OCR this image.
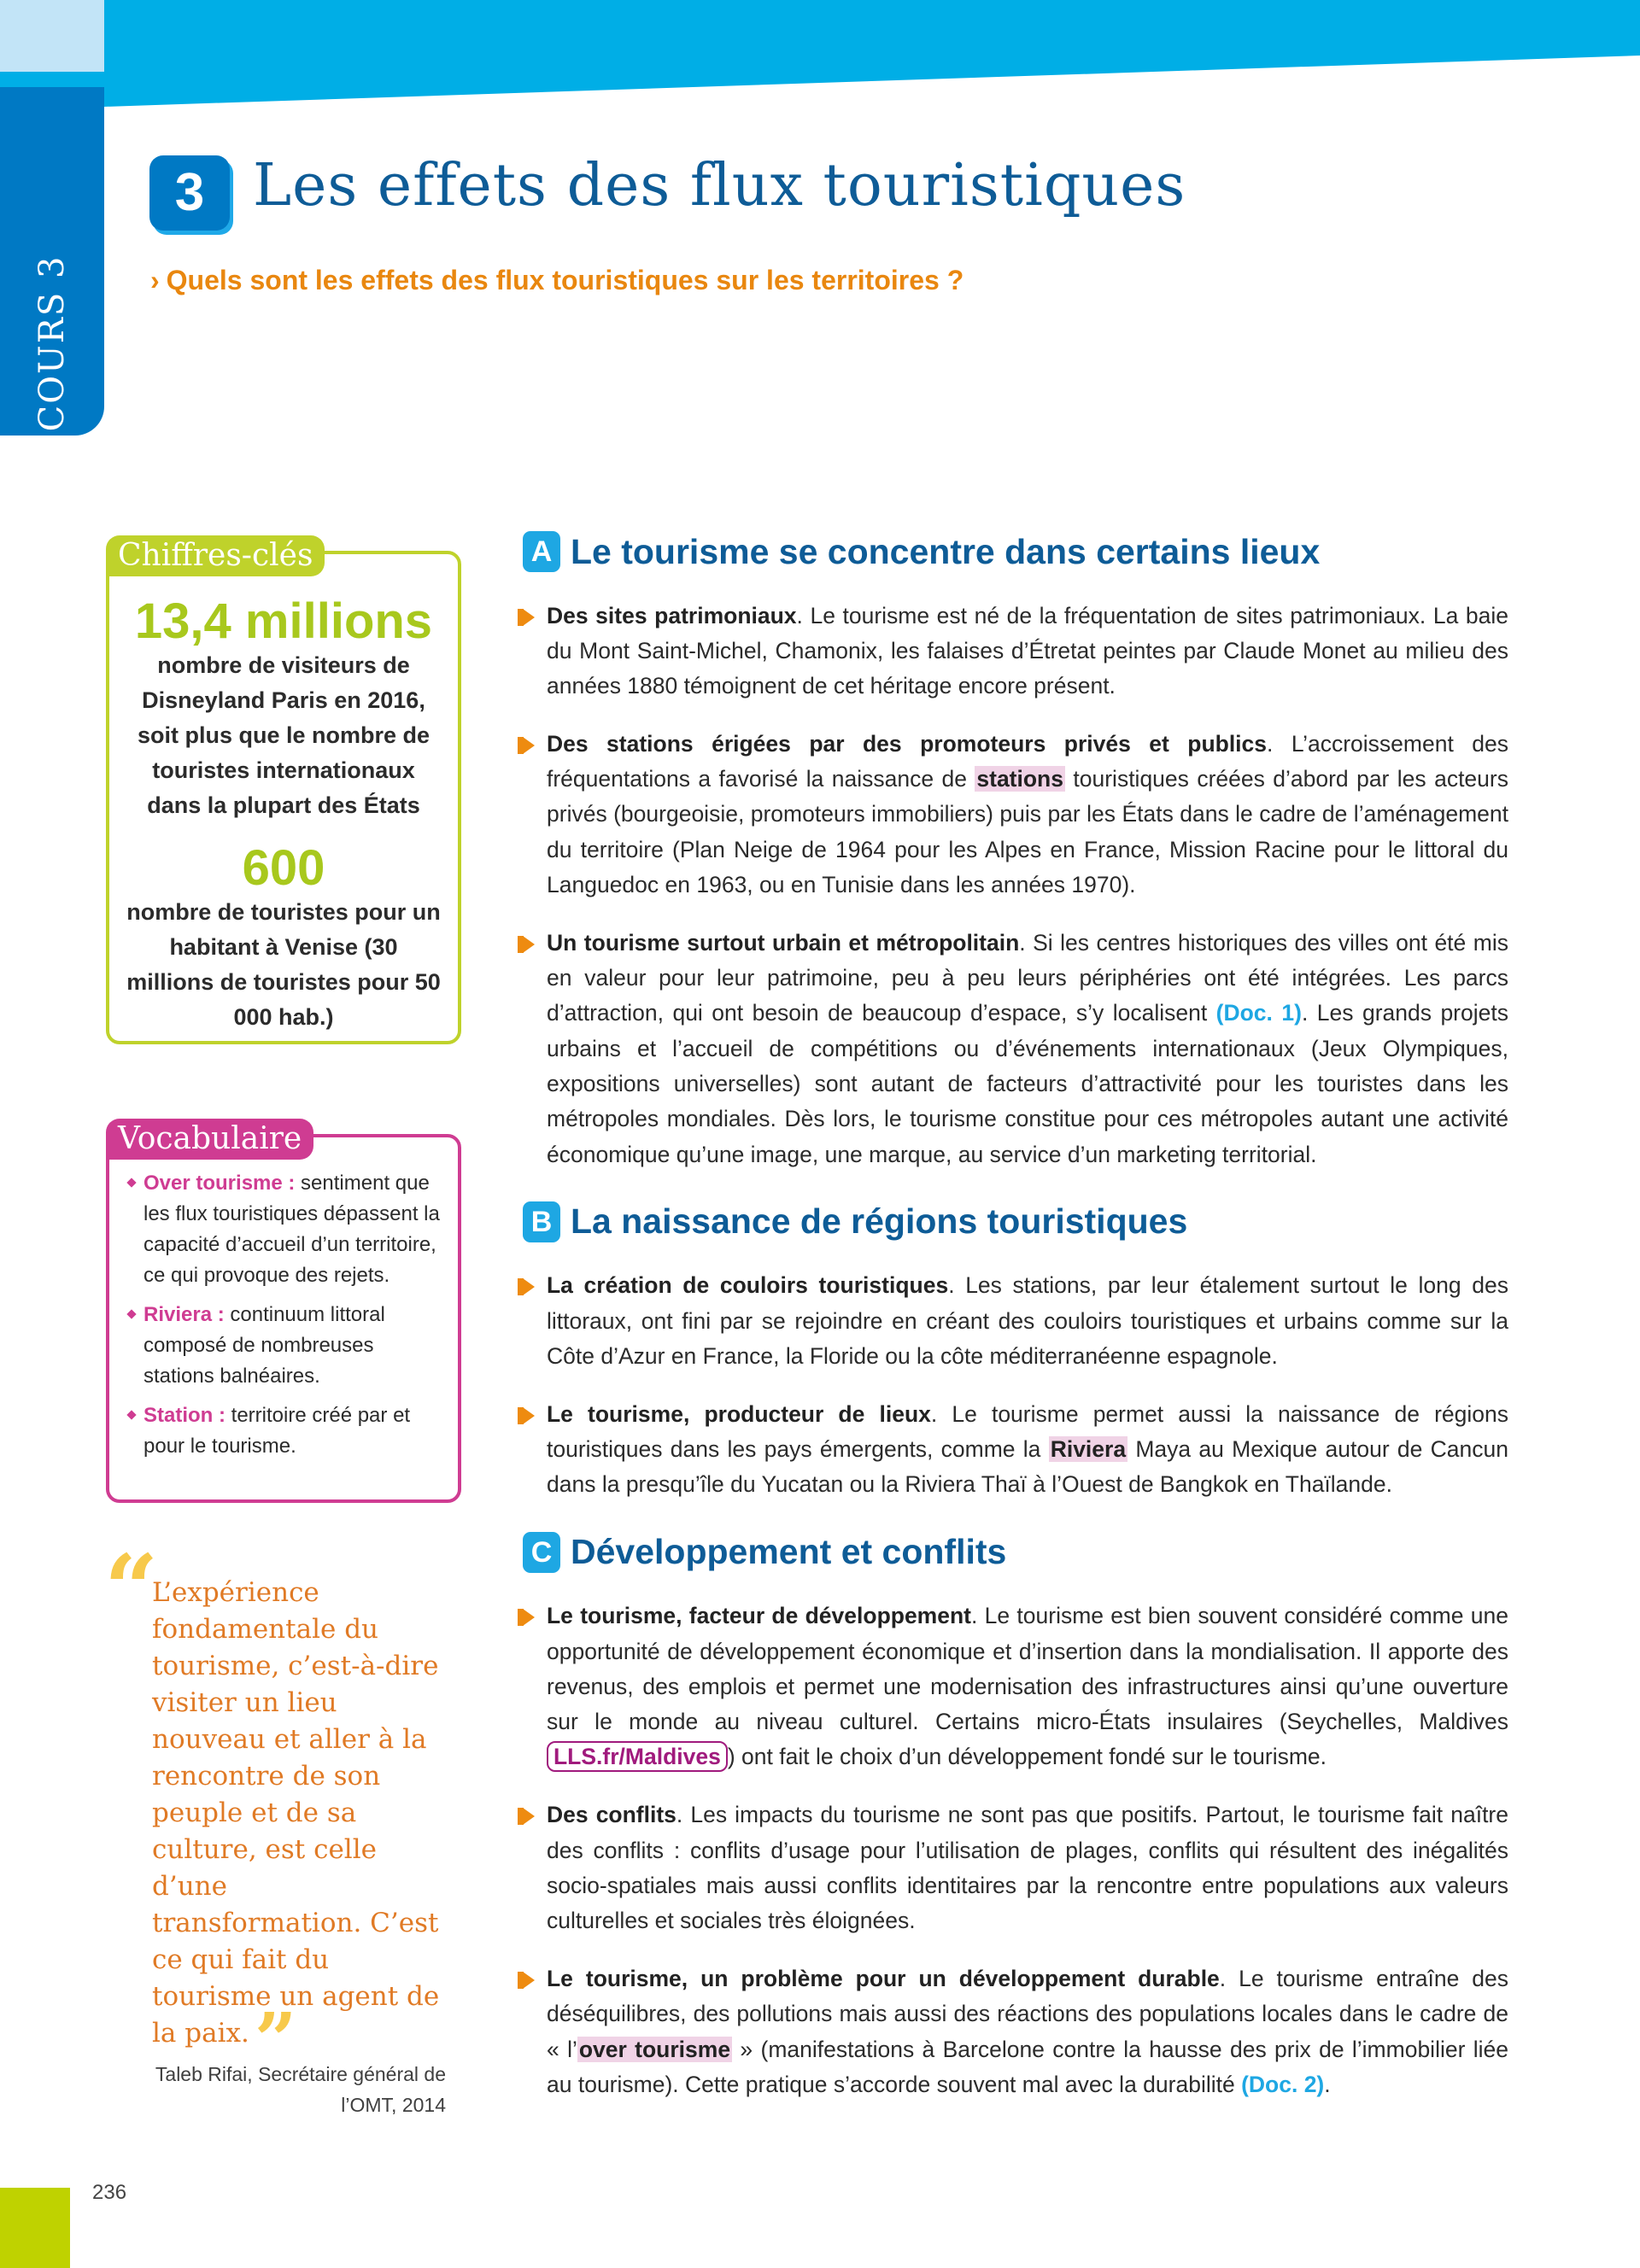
COURS 3
3 Les effets des flux touristiques
› Quels sont les effets des flux touristiques sur les territoires ?
Chiffres-clés
13,4 millions
nombre de visiteurs de Disneyland Paris en 2016, soit plus que le nombre de touristes internationaux dans la plupart des États
600
nombre de touristes pour un habitant à Venise (30 millions de touristes pour 50 000 hab.)
Vocabulaire
Over tourisme : sentiment que les flux touristiques dépassent la capacité d’accueil d’un territoire, ce qui provoque des rejets.
Riviera : continuum littoral composé de nombreuses stations balnéaires.
Station : territoire créé par et pour le tourisme.
“
L’expérience fondamentale du tourisme, c’est-à-dire visiter un lieu nouveau et aller à la rencontre de son peuple et de sa culture, est celle d’une transformation. C’est ce qui fait du tourisme un agent de la paix.”
Taleb Rifai, Secrétaire général de l’OMT, 2014
A Le tourisme se concentre dans certains lieux

Des sites patrimoniaux. Le tourisme est né de la fréquentation de sites patrimoniaux. La baie du Mont Saint-Michel, Chamonix, les falaises d’Étretat peintes par Claude Monet au milieu des années 1880 témoignent de cet héritage encore présent.

Des stations érigées par des promoteurs privés et publics. L’accroissement des fréquentations a favorisé la naissance de stations touristiques créées d’abord par les acteurs privés (bourgeoisie, promoteurs immobiliers) puis par les États dans le cadre de l’aménagement du territoire (Plan Neige de 1964 pour les Alpes en France, Mission Racine pour le littoral du Languedoc en 1963, ou en Tunisie dans les années 1970).

Un tourisme surtout urbain et métropolitain. Si les centres historiques des villes ont été mis en valeur pour leur patrimoine, peu à peu leurs périphéries ont été intégrées. Les parcs d’attraction, qui ont besoin de beaucoup d’espace, s’y localisent (Doc. 1). Les grands projets urbains et l’accueil de compétitions ou d’événements internationaux (Jeux Olympiques, expositions universelles) sont autant de facteurs d’attractivité pour les touristes dans les métropoles mondiales. Dès lors, le tourisme constitue pour ces métropoles autant une activité économique qu’une image, une marque, au service d’un marketing territorial.

B La naissance de régions touristiques

La création de couloirs touristiques. Les stations, par leur étalement surtout le long des littoraux, ont fini par se rejoindre en créant des couloirs touristiques et urbains comme sur la Côte d’Azur en France, la Floride ou la côte méditerranéenne espagnole.

Le tourisme, producteur de lieux. Le tourisme permet aussi la naissance de régions touristiques dans les pays émergents, comme la Riviera Maya au Mexique autour de Cancun dans la presqu’île du Yucatan ou la Riviera Thaï à l’Ouest de Bangkok en Thaïlande.

C Développement et conflits

Le tourisme, facteur de développement. Le tourisme est bien souvent considéré comme une opportunité de développement économique et d’insertion dans la mondialisation. Il apporte des revenus, des emplois et permet une modernisation des infrastructures ainsi qu’une ouverture sur le monde au niveau culturel. Certains micro-États insulaires (Seychelles, Maldives LLS.fr/Maldives ) ont fait le choix d’un développement fondé sur le tourisme.

Des conflits. Les impacts du tourisme ne sont pas que positifs. Partout, le tourisme fait naître des conflits : conflits d’usage pour l’utilisation de plages, conflits qui résultent des inégalités socio-spatiales mais aussi conflits identitaires par la rencontre entre populations aux valeurs culturelles et sociales très éloignées.

Le tourisme, un problème pour un développement durable. Le tourisme entraîne des déséquilibres, des pollutions mais aussi des réactions des populations locales dans le cadre de « l’over tourisme » (manifestations à Barcelone contre la hausse des prix de l’immobilier liée au tourisme). Cette pratique s’accorde souvent mal avec la durabilité (Doc. 2).

236
